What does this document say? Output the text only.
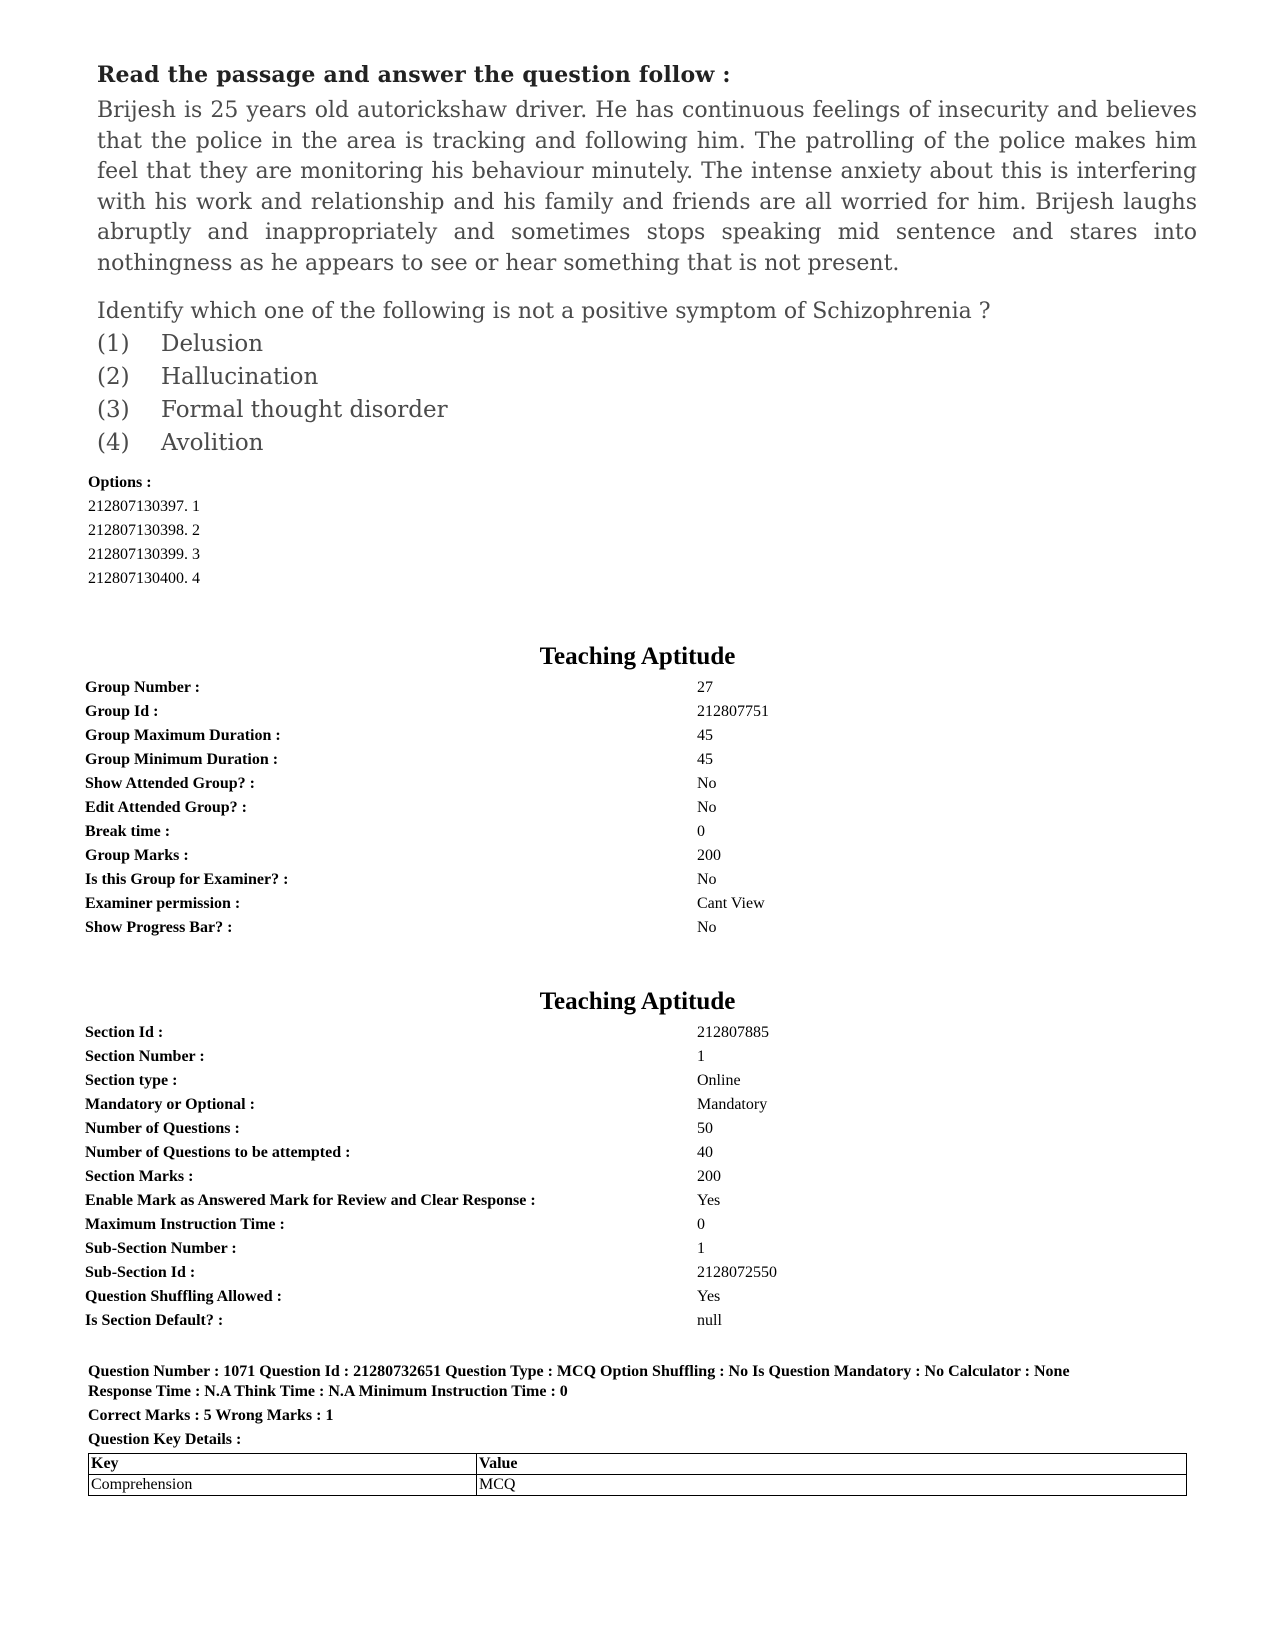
Read the passage and answer the question follow :

Brijesh is 25 years old autorickshaw driver. He has continuous feelings of insecurity and believes that the police in the area is tracking and following him. The patrolling of the police makes him feel that they are monitoring his behaviour minutely. The intense anxiety about this is interfering with his work and relationship and his family and friends are all worried for him. Brijesh laughs abruptly and inappropriately and sometimes stops speaking mid sentence and stares into nothingness as he appears to see or hear something that is not present.

Identify which one of the following is not a positive symptom of Schizophrenia ?

(1)	Delusion
(2)	Hallucination
(3)	Formal thought disorder
(4)	Avolition
Options :
212807130397. 1
212807130398. 2
212807130399. 3
212807130400. 4
Teaching Aptitude
Group Number :	27
Group Id :	212807751
Group Maximum Duration :	45
Group Minimum Duration :	45
Show Attended Group? :	No
Edit Attended Group? :	No
Break time :	0
Group Marks :	200
Is this Group for Examiner? :	No
Examiner permission :	Cant View
Show Progress Bar? :	No
Teaching Aptitude
Section Id :	212807885
Section Number :	1
Section type :	Online
Mandatory or Optional :	Mandatory
Number of Questions :	50
Number of Questions to be attempted :	40
Section Marks :	200
Enable Mark as Answered Mark for Review and Clear Response :	Yes
Maximum Instruction Time :	0
Sub-Section Number :	1
Sub-Section Id :	2128072550
Question Shuffling Allowed :	Yes
Is Section Default? :	null

Question Number : 1071 Question Id : 21280732651 Question Type : MCQ Option Shuffling : No Is Question Mandatory : No Calculator : None

Response Time : N.A Think Time : N.A Minimum Instruction Time : 0

Correct Marks : 5 Wrong Marks : 1

Question Key Details :

Key	Value
Comprehension	MCQ
